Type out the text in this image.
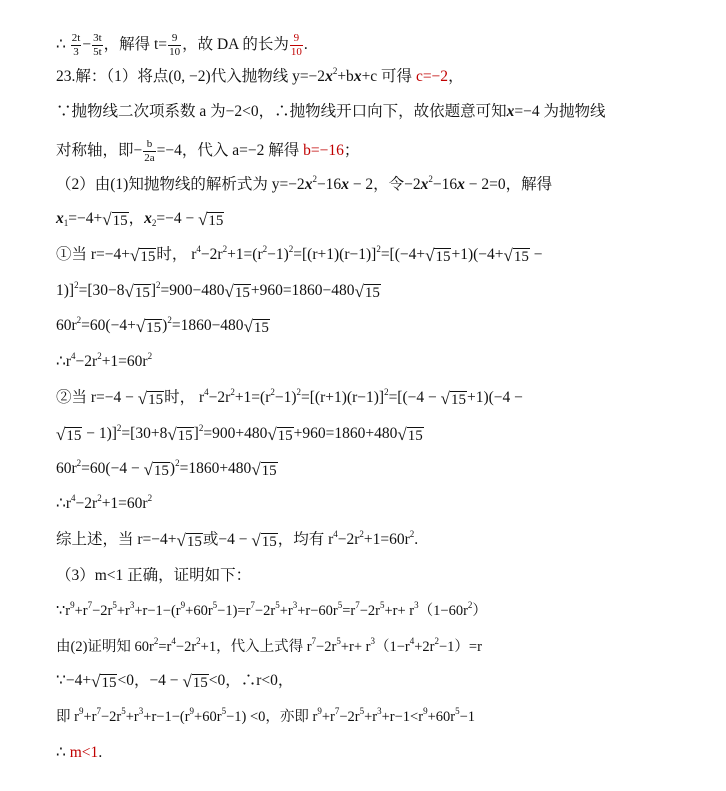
∴ $\frac{2t}{3} - \frac{3t}{5t}$ ，解得 $t= \frac{9}{10}$ ，故 DA 的长为 $\frac{9}{10}$ .
23.解：（1）将点(0, −2)代入抛物线 $y=-2x^2+bx+c$ 可得 c=−2，
∵抛物线二次项系数 a 为−2<0，∴抛物线开口向下，故依题意可知x=−4 为抛物线
对称轴，即− $\frac{b}{2a} =-4$，代入 a=−2 解得 b=−16；
（2）由(1)知抛物线的解析式为 $y=-2x^2-16x - 2$，令$-2x^2-16x - 2=0$，解得
$x_1=-4+√15$，$x_2=-4 - √15$
①当 r=−4+√15时， $r^4-2r^2+1=(r^2-1)^2=[(r+1)(r-1)]^2=[(-4+√15+1)(-4+√15$ −
$1)]^2=[30-8√15]^2=900-480√15+960=1860-480√15$
$60r^2=60(-4+√15)^2=1860-480√15$
$\therefore r^4-2r^2+1=60r^2$
②当 r=−4 − √15时， $r^4-2r^2+1=(r^2-1)^2=[(r+1)(r-1)]^2=[(-4 - √15+1)(-4$ −
$√15 - 1)]^2=[30+8√15]^2=900+480√15+960=1860+480√15$
$60r^2=60(-4 - √15)^2=1860+480√15$
$\therefore r^4-2r^2+1=60r^2$
综上述，当 r=−4+√15或−4 − √15，均有 $r^4-2r^2+1=60r^2$.
（3）m<1 正确，证明如下：
$\because r^9+r^7-2r^5+r^3+r-1-(r^9+60r^5-1)=r^7-2r^5+r^3+r-60r^5=r^7-2r^5+r+ r^3(1-60r^2)$
由(2)证明知 $60r^2=r^4-2r^2+1$，代入上式得 $r^7-2r^5+r+ r^3(1-r^4+2r^2-1)=r$
∵−4+√15<0，−4 − √15<0，∴r<0，
即 $r^9+r^7-2r^5+r^3+r-1-(r^9+60r^5-1) <0$，亦即 $r^9+r^7-2r^5+r^3+r-1<r^9+60r^5-1$
∴ m<1.
